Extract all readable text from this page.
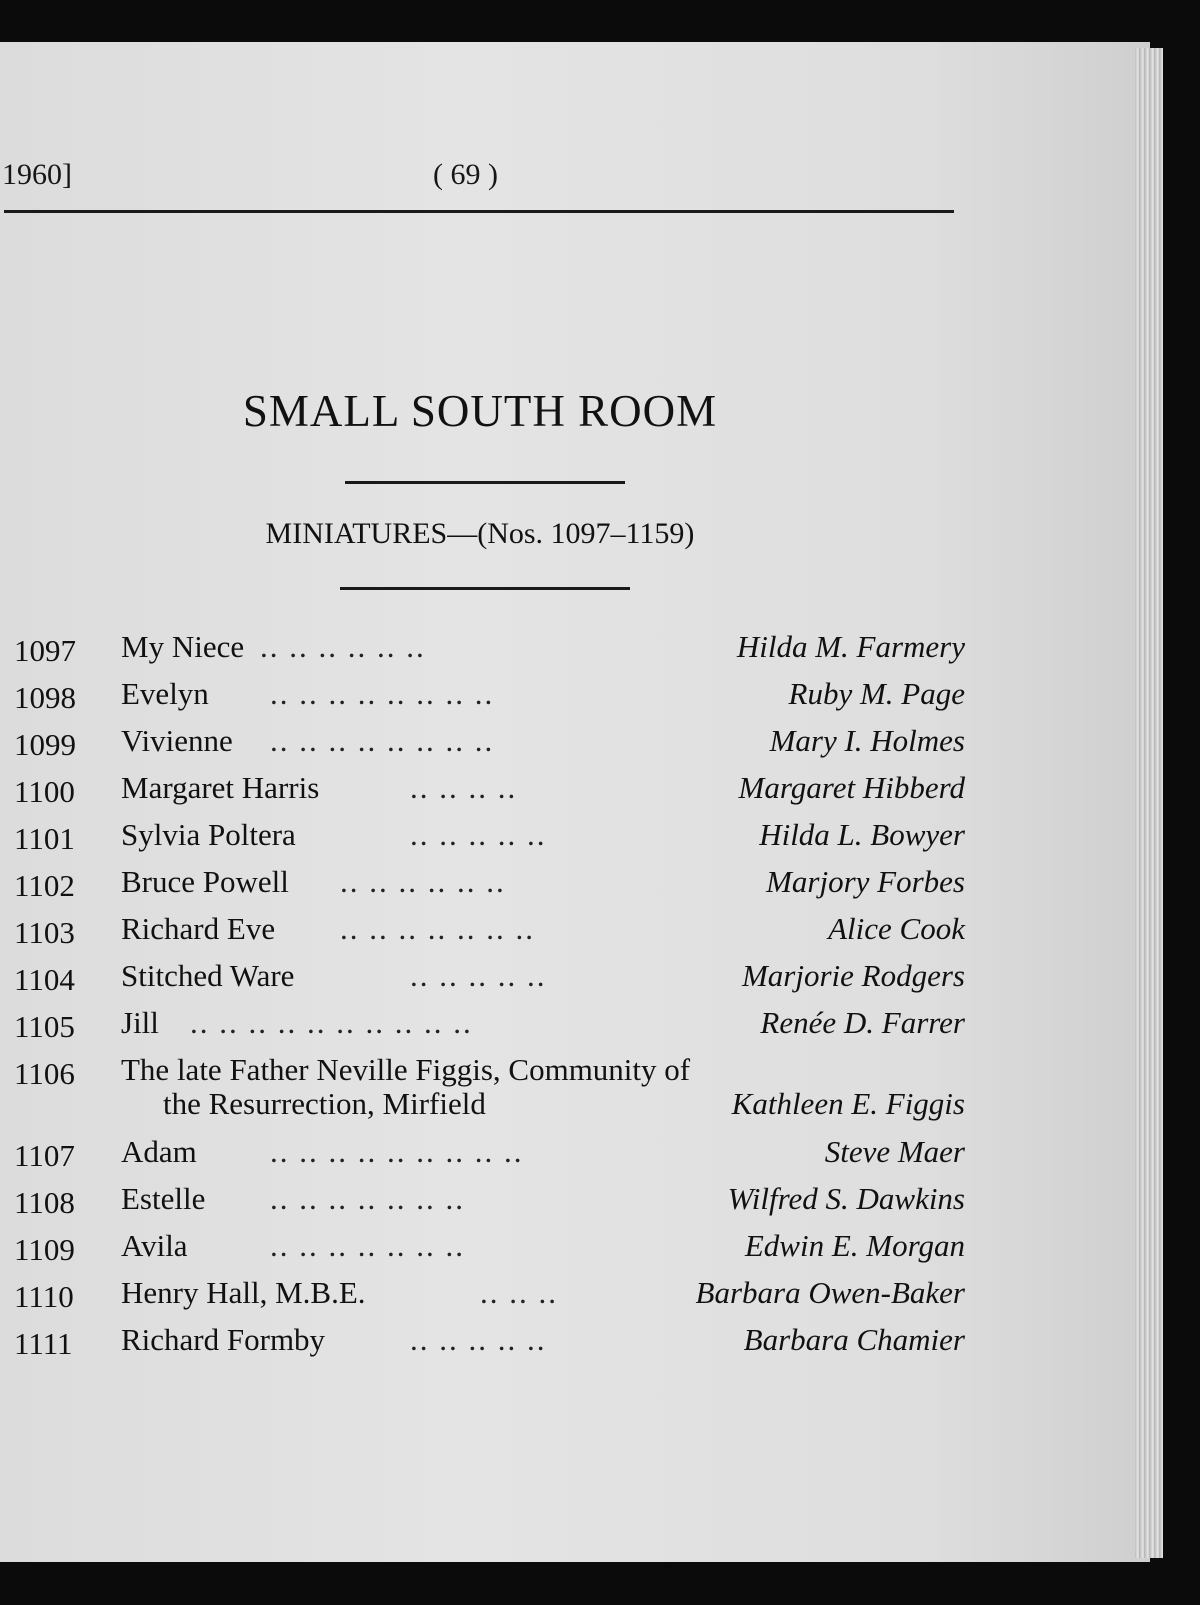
1960]	( 69 )
SMALL SOUTH ROOM
MINIATURES—(Nos. 1097–1159)
1097	My Niece .. .. .. .. .. ..	Hilda M. Farmery
1098	Evelyn .. .. .. .. .. .. .. ..	Ruby M. Page
1099	Vivienne .. .. .. .. .. .. .. ..	Mary I. Holmes
1100	Margaret Harris	.. .. .. ..	Margaret Hibberd
1101	Sylvia Poltera	.. .. .. .. ..	Hilda L. Bowyer
1102	Bruce Powell .. .. .. .. .. ..	Marjory Forbes
1103	Richard Eve .. .. .. .. .. .. ..	Alice Cook
1104	Stitched Ware	.. .. .. .. ..	Marjorie Rodgers
1105	Jill .. .. .. .. .. .. .. .. .. ..	Renée D. Farrer
1106	The late Father Neville Figgis, Community of
the Resurrection, Mirfield	Kathleen E. Figgis
1107	Adam .. .. .. .. .. .. .. .. ..	Steve Maer
1108	Estelle .. .. .. .. .. .. ..	Wilfred S. Dawkins
1109	Avila	.. .. .. .. .. .. ..	Edwin E. Morgan
1110	Henry Hall, M.B.E.	.. .. ..	Barbara Owen-Baker
1111	Richard Formby	.. .. .. .. ..	Barbara Chamier
